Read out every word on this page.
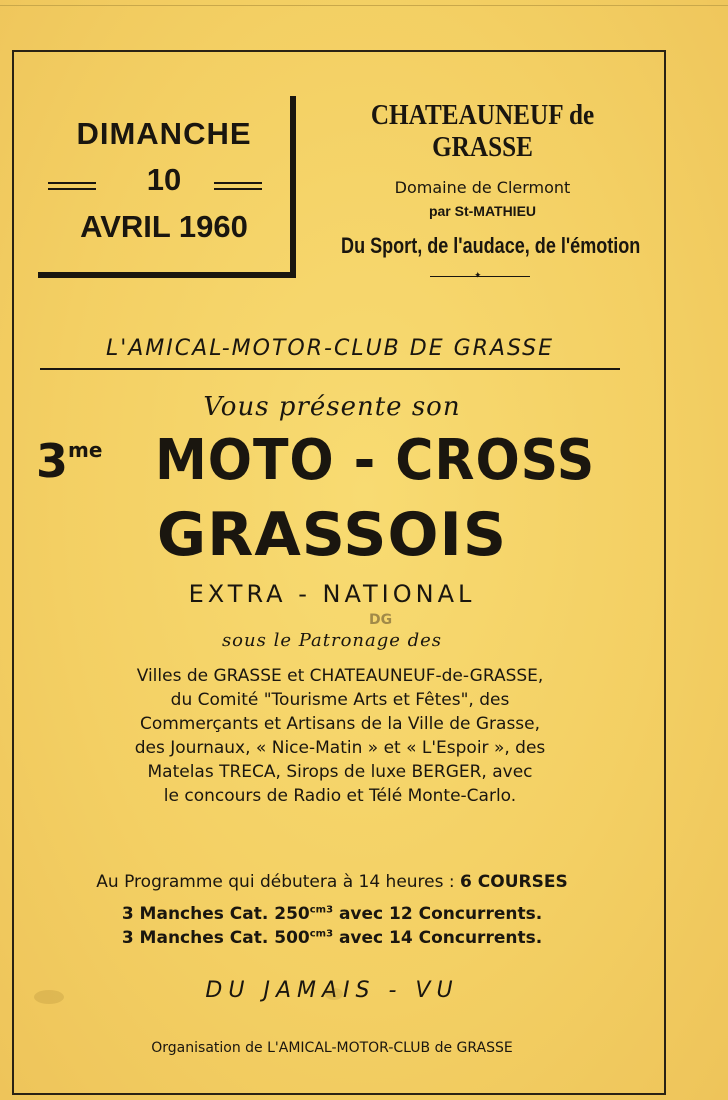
DIMANCHE
10
AVRIL 1960
CHATEAUNEUF de GRASSE
Domaine de Clermont
par St-MATHIEU
Du Sport, de l'audace, de l'émotion
✦
L'AMICAL-MOTOR-CLUB DE GRASSE
Vous présente son
$3^{me}$ MOTO - CROSS
GRASSOIS
EXTRA - NATIONAL
DG
sous le Patronage des
Villes de GRASSE et CHATEAUNEUF-de-GRASSE,
du Comité "Tourisme Arts et Fêtes", des
Commerçants et Artisans de la Ville de Grasse,
des Journaux, « Nice-Matin » et « L'Espoir », des
Matelas TRECA, Sirops de luxe BERGER, avec
le concours de Radio et Télé Monte-Carlo.
Au Programme qui débutera à 14 heures : 6 COURSES
3 Manches Cat. $250^{cm3}$ avec 12 Concurrents.
3 Manches Cat. $500^{cm3}$ avec 14 Concurrents.
DU JAMAIS - VU
Organisation de L'AMICAL-MOTOR-CLUB de GRASSE
